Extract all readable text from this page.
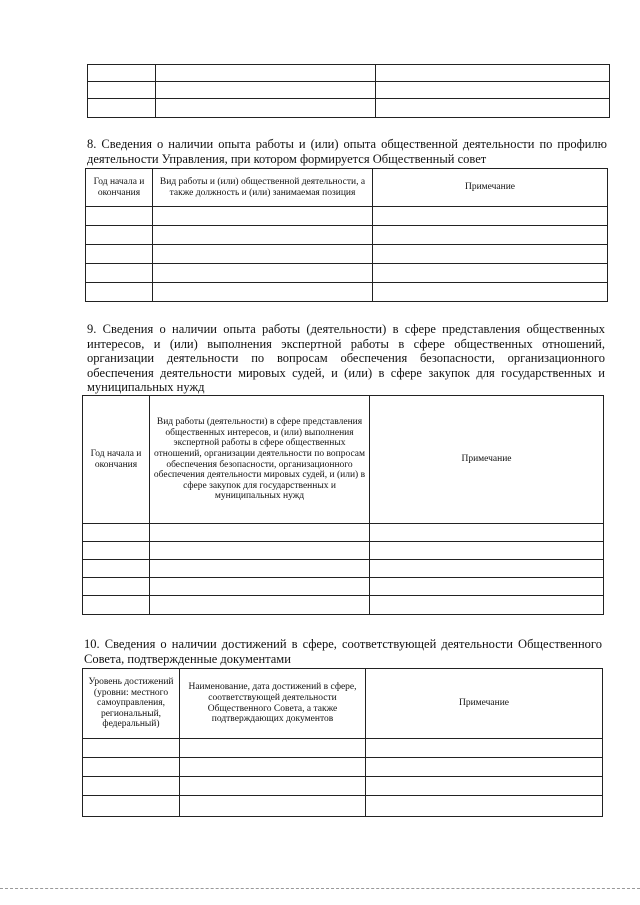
8. Сведения о наличии опыта работы и (или) опыта общественной деятельности по профилю деятельности Управления, при котором формируется Общественный совет

Год начала и окончания	Вид работы и (или) общественной деятельности, а также должность и (или) занимаемая позиция	Примечание

9. Сведения о наличии опыта работы (деятельности) в сфере представления общественных интересов, и (или) выполнения экспертной работы в сфере общественных отношений, организации деятельности по вопросам обеспечения безопасности, организационного обеспечения деятельности мировых судей, и (или) в сфере закупок для государственных и муниципальных нужд

Год начала и окончания	Вид работы (деятельности) в сфере представления общественных интересов, и (или) выполнения экспертной работы в сфере общественных отношений, организации деятельности по вопросам обеспечения безопасности, организационного обеспечения деятельности мировых судей, и (или) в сфере закупок для государственных и муниципальных нужд	Примечание

10. Сведения о наличии достижений в сфере, соответствующей деятельности Общественного Совета, подтвержденные документами

Уровень достижений (уровни: местного самоуправления, региональный, федеральный)	Наименование, дата достижений в сфере, соответствующей деятельности Общественного Совета, а также подтверждающих документов	Примечание
